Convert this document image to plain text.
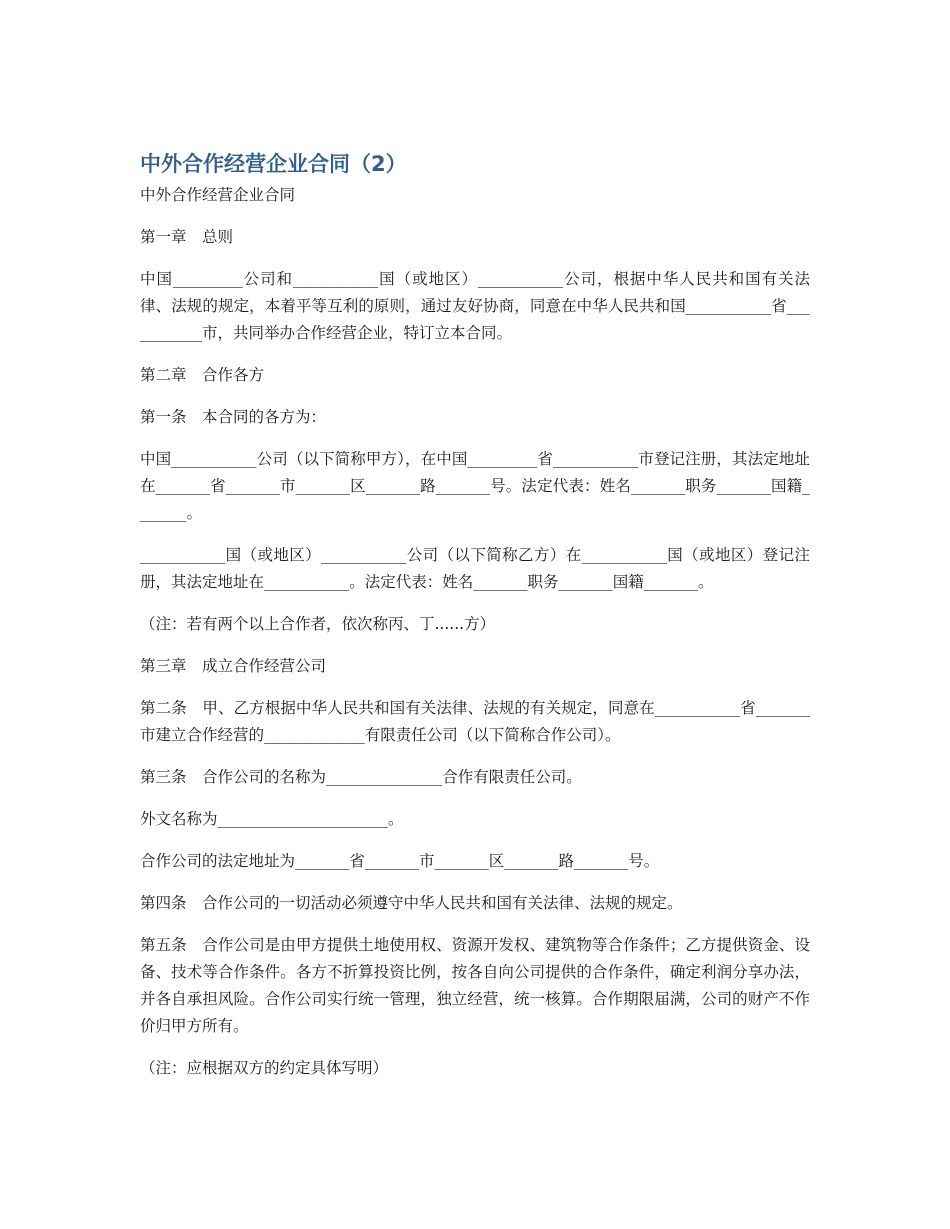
中外合作经营企业合同（2）

中外合作经营企业合同

第一章　总则

中国_________公司和___________国（或地区）___________公司，根据中华人民共和国有关法律、法规的规定，本着平等互利的原则，通过友好协商，同意在中华人民共和国___________省___________市，共同举办合作经营企业，特订立本合同。

第二章　合作各方

第一条　本合同的各方为：

中国___________公司（以下简称甲方），在中国_________省___________市登记注册，其法定地址在_______省_______市_______区_______路_______号。法定代表：姓名_______职务_______国籍_______。

___________国（或地区）___________公司（以下简称乙方）在___________国（或地区）登记注册，其法定地址在___________。法定代表：姓名_______职务_______国籍_______。

（注：若有两个以上合作者，依次称丙、丁......方）

第三章　成立合作经营公司

第二条　甲、乙方根据中华人民共和国有关法律、法规的有关规定，同意在___________省_______市建立合作经营的_____________有限责任公司（以下简称合作公司）。

第三条　合作公司的名称为_______________合作有限责任公司。

外文名称为______________________。

合作公司的法定地址为_______省_______市_______区_______路_______号。

第四条　合作公司的一切活动必须遵守中华人民共和国有关法律、法规的规定。

第五条　合作公司是由甲方提供土地使用权、资源开发权、建筑物等合作条件；乙方提供资金、设备、技术等合作条件。各方不折算投资比例，按各自向公司提供的合作条件，确定利润分享办法，并各自承担风险。合作公司实行统一管理，独立经营，统一核算。合作期限届满，公司的财产不作价归甲方所有。

（注：应根据双方的约定具体写明）
